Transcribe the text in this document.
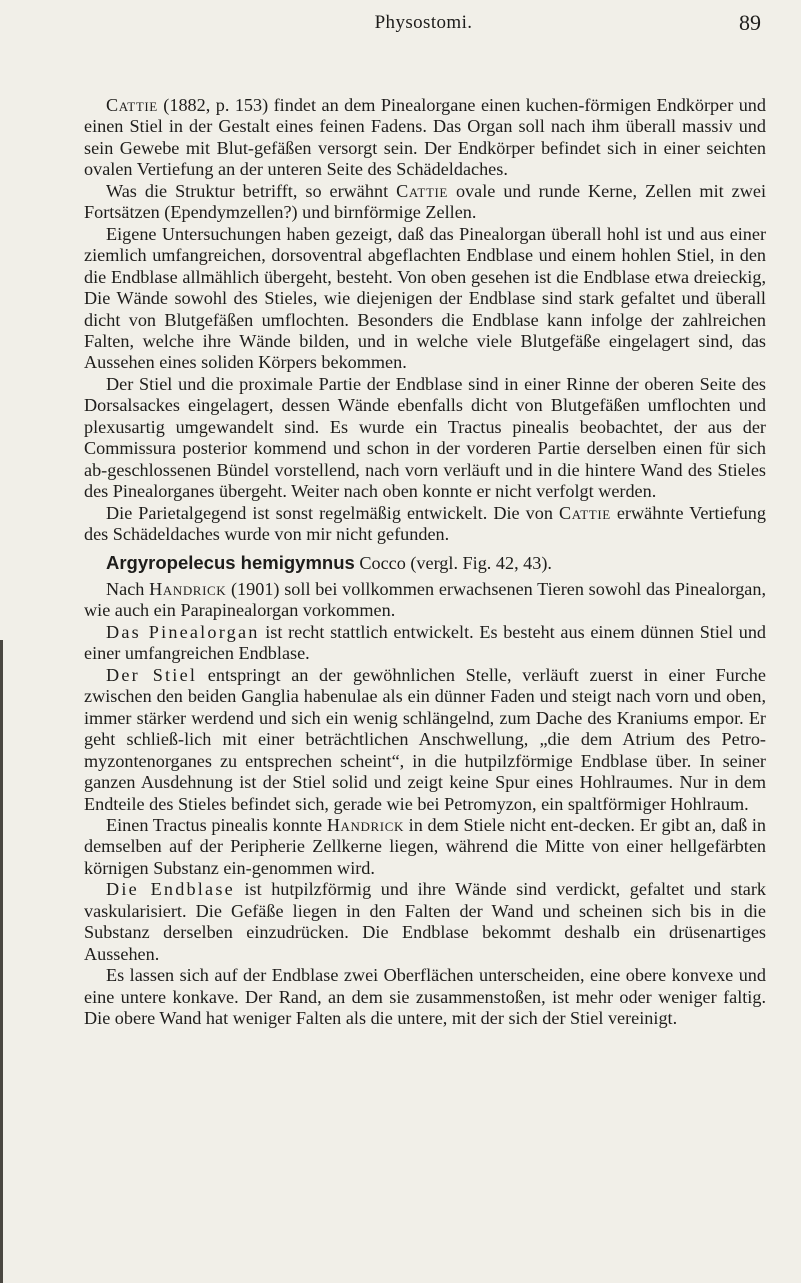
Physostomi.	89

Cattie (1882, p. 153) findet an dem Pinealorgane einen kuchen-förmigen Endkörper und einen Stiel in der Gestalt eines feinen Fadens. Das Organ soll nach ihm überall massiv und sein Gewebe mit Blut-gefäßen versorgt sein. Der Endkörper befindet sich in einer seichten ovalen Vertiefung an der unteren Seite des Schädeldaches.

Was die Struktur betrifft, so erwähnt Cattie ovale und runde Kerne, Zellen mit zwei Fortsätzen (Ependymzellen?) und birnförmige Zellen.

Eigene Untersuchungen haben gezeigt, daß das Pinealorgan überall hohl ist und aus einer ziemlich umfangreichen, dorsoventral abgeflachten Endblase und einem hohlen Stiel, in den die Endblase allmählich übergeht, besteht. Von oben gesehen ist die Endblase etwa dreieckig, Die Wände sowohl des Stieles, wie diejenigen der Endblase sind stark gefaltet und überall dicht von Blutgefäßen umflochten. Besonders die Endblase kann infolge der zahlreichen Falten, welche ihre Wände bilden, und in welche viele Blutgefäße eingelagert sind, das Aussehen eines soliden Körpers bekommen.

Der Stiel und die proximale Partie der Endblase sind in einer Rinne der oberen Seite des Dorsalsackes eingelagert, dessen Wände ebenfalls dicht von Blutgefäßen umflochten und plexusartig umgewandelt sind. Es wurde ein Tractus pinealis beobachtet, der aus der Commissura posterior kommend und schon in der vorderen Partie derselben einen für sich ab-geschlossenen Bündel vorstellend, nach vorn verläuft und in die hintere Wand des Stieles des Pinealorganes übergeht. Weiter nach oben konnte er nicht verfolgt werden.

Die Parietalgegend ist sonst regelmäßig entwickelt. Die von Cattie erwähnte Vertiefung des Schädeldaches wurde von mir nicht gefunden.

Argyropelecus hemigymnus Cocco (vergl. Fig. 42, 43).

Nach Handrick (1901) soll bei vollkommen erwachsenen Tieren sowohl das Pinealorgan, wie auch ein Parapinealorgan vorkommen.

Das Pinealorgan ist recht stattlich entwickelt. Es besteht aus einem dünnen Stiel und einer umfangreichen Endblase.

Der Stiel entspringt an der gewöhnlichen Stelle, verläuft zuerst in einer Furche zwischen den beiden Ganglia habenulae als ein dünner Faden und steigt nach vorn und oben, immer stärker werdend und sich ein wenig schlängelnd, zum Dache des Kraniums empor. Er geht schließ-lich mit einer beträchtlichen Anschwellung, „die dem Atrium des Petro-myzontenorganes zu entsprechen scheint“, in die hutpilzförmige Endblase über. In seiner ganzen Ausdehnung ist der Stiel solid und zeigt keine Spur eines Hohlraumes. Nur in dem Endteile des Stieles befindet sich, gerade wie bei Petromyzon, ein spaltförmiger Hohlraum.

Einen Tractus pinealis konnte Handrick in dem Stiele nicht ent-decken. Er gibt an, daß in demselben auf der Peripherie Zellkerne liegen, während die Mitte von einer hellgefärbten körnigen Substanz ein-genommen wird.

Die Endblase ist hutpilzförmig und ihre Wände sind verdickt, gefaltet und stark vaskularisiert. Die Gefäße liegen in den Falten der Wand und scheinen sich bis in die Substanz derselben einzudrücken. Die Endblase bekommt deshalb ein drüsenartiges Aussehen.

Es lassen sich auf der Endblase zwei Oberflächen unterscheiden, eine obere konvexe und eine untere konkave. Der Rand, an dem sie zusammenstoßen, ist mehr oder weniger faltig. Die obere Wand hat weniger Falten als die untere, mit der sich der Stiel vereinigt.
